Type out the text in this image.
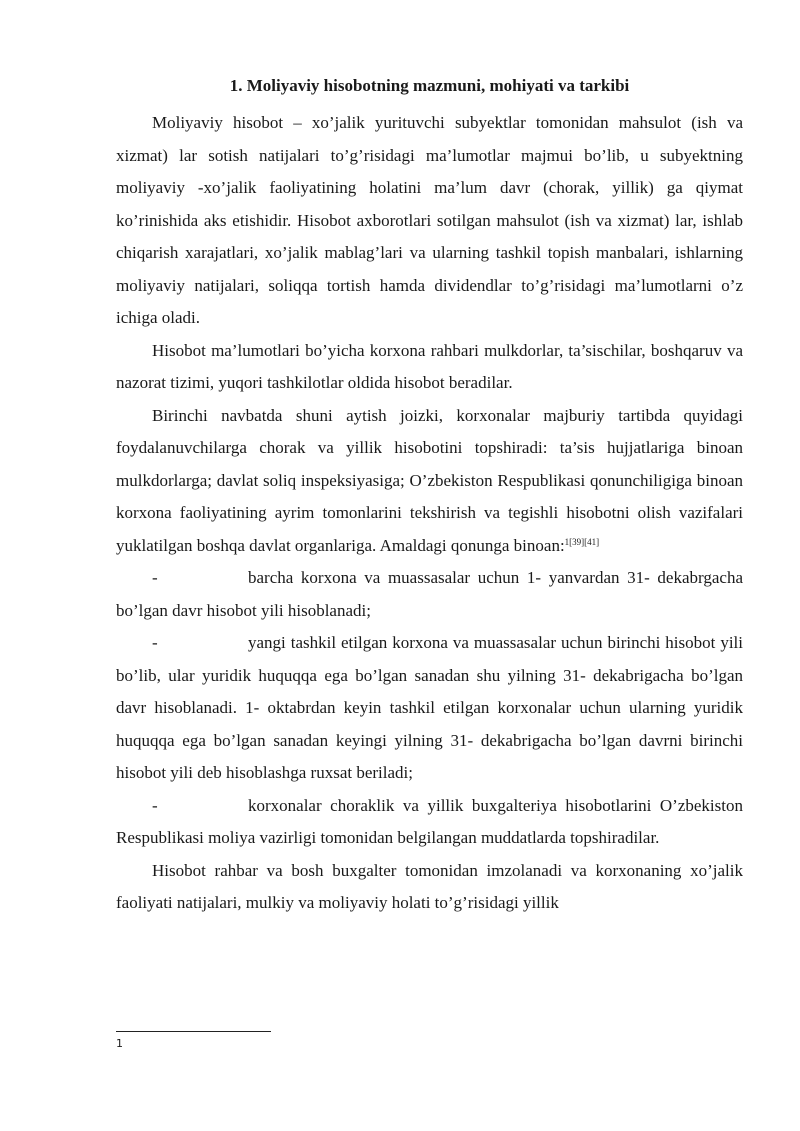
1. Moliyaviy hisobotning mazmuni, mohiyati va tarkibi

Moliyaviy hisobot – xo’jalik yurituvchi subyektlar tomonidan mahsulot (ish va xizmat) lar sotish natijalari to’g’risidagi ma’lumotlar majmui bo’lib, u subyektning moliyaviy -xo’jalik faoliyatining holatini ma’lum davr (chorak, yillik) ga qiymat ko’rinishida aks etishidir. Hisobot axborotlari sotilgan mahsulot (ish va xizmat) lar, ishlab chiqarish xarajatlari, xo’jalik mablag’lari va ularning tashkil topish manbalari, ishlarning moliyaviy natijalari, soliqqa tortish hamda dividendlar to’g’risidagi ma’lumotlarni o’z ichiga oladi.

Hisobot ma’lumotlari bo’yicha korxona rahbari mulkdorlar, ta’sischilar, boshqaruv va nazorat tizimi, yuqori tashkilotlar oldida hisobot beradilar.

Birinchi navbatda shuni aytish joizki, korxonalar majburiy tartibda quyidagi foydalanuvchilarga chorak va yillik hisobotini topshiradi: ta’sis hujjatlariga binoan mulkdorlarga; davlat soliq inspeksiyasiga; O’zbekiston Respublikasi qonunchiligiga binoan korxona faoliyatining ayrim tomonlarini tekshirish va tegishli hisobotni olish vazifalari yuklatilgan boshqa davlat organlariga. Amaldagi qonunga binoan:$^{1[39][41]}$

-	barcha korxona va muassasalar uchun 1- yanvardan 31- dekabrgacha bo’lgan davr hisobot yili hisoblanadi;

-	yangi tashkil etilgan korxona va muassasalar uchun birinchi hisobot yili bo’lib, ular yuridik huquqqa ega bo’lgan sanadan shu yilning 31- dekabrigacha bo’lgan davr hisoblanadi. 1- oktabrdan keyin tashkil etilgan korxonalar uchun ularning yuridik huquqqa ega bo’lgan sanadan keyingi yilning 31- dekabrigacha bo’lgan davrni birinchi hisobot yili deb hisoblashga ruxsat beriladi;

-	korxonalar choraklik va yillik buxgalteriya hisobotlarini O’zbekiston Respublikasi moliya vazirligi tomonidan belgilangan muddatlarda topshiradilar.

Hisobot rahbar va bosh buxgalter tomonidan imzolanadi va korxonaning xo’jalik faoliyati natijalari, mulkiy va moliyaviy holati to’g’risidagi yillik

1
